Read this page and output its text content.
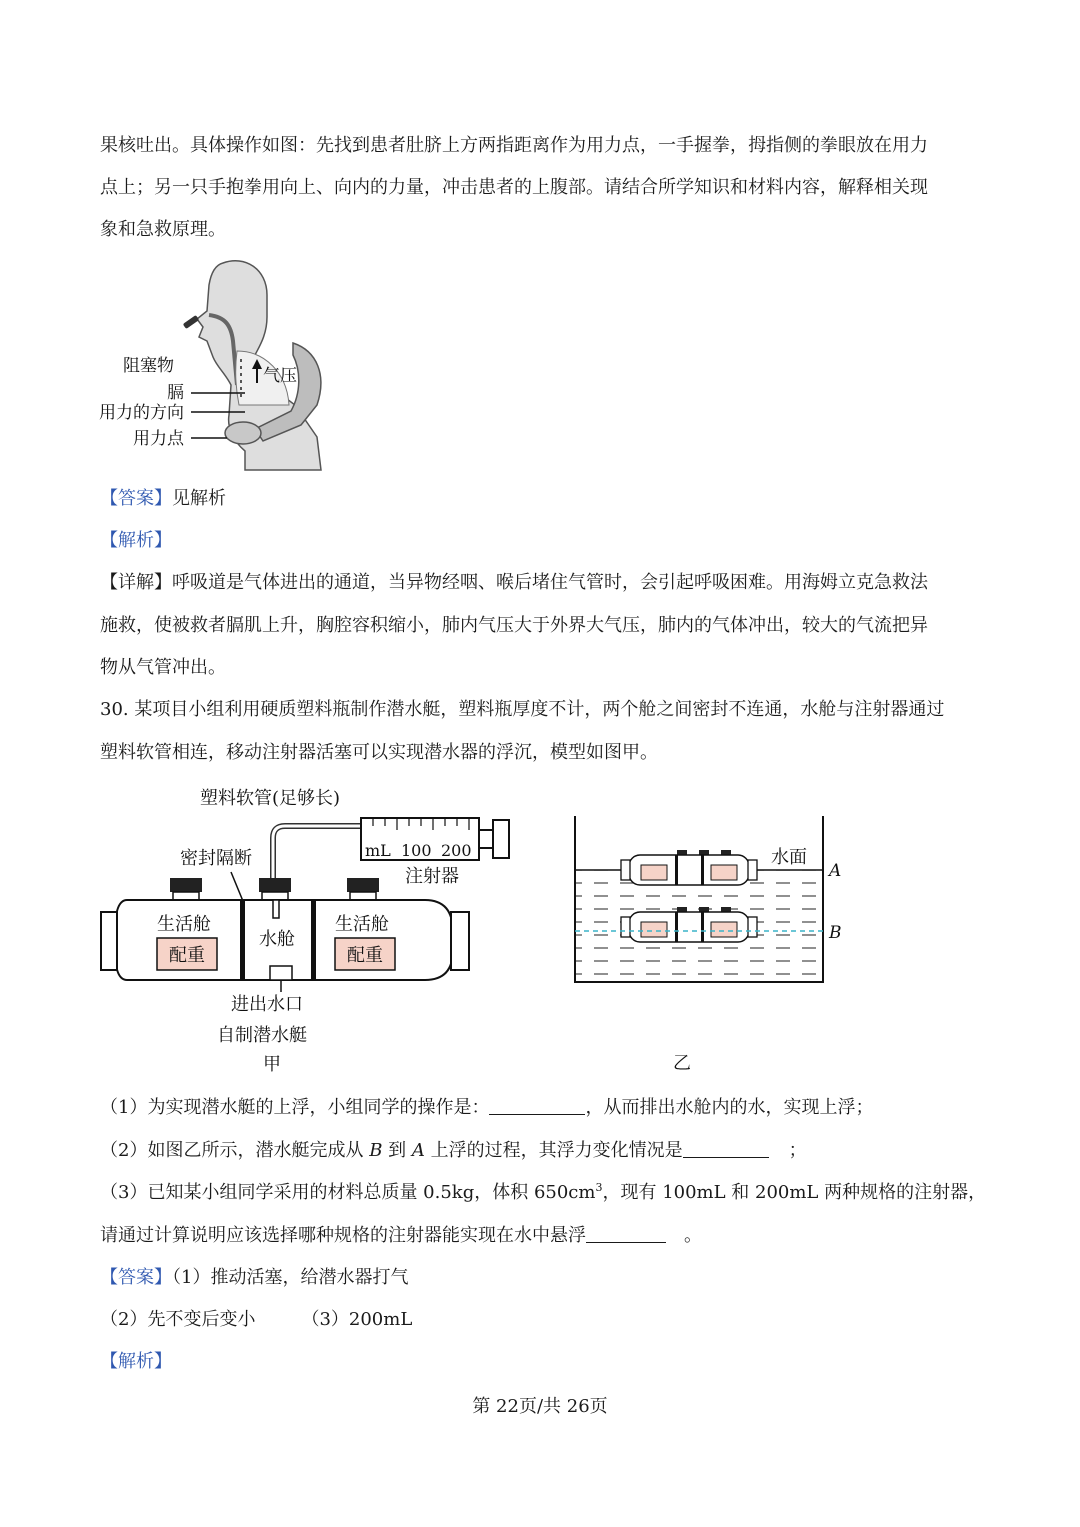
果核吐出。具体操作如图：先找到患者肚脐上方两指距离作为用力点，一手握拳，拇指侧的拳眼放在用力
点上；另一只手抱拳用向上、向内的力量，冲击患者的上腹部。请结合所学知识和材料内容，解释相关现
象和急救原理。
气压
阻塞物
膈
用力的方向
用力点
【答案】见解析
【解析】
【详解】呼吸道是气体进出的通道，当异物经咽、喉后堵住气管时，会引起呼吸困难。用海姆立克急救法
施救，使被救者膈肌上升，胸腔容积缩小，肺内气压大于外界大气压，肺内的气体冲出，较大的气流把异
物从气管冲出。
30. 某项目小组利用硬质塑料瓶制作潜水艇，塑料瓶厚度不计，两个舱之间密封不连通，水舱与注射器通过
塑料软管相连，移动注射器活塞可以实现潜水器的浮沉，模型如图甲。
塑料软管(足够长)
mL 100 200
注射器
密封隔断
生活舱
水舱
生活舱
配重	配重
进出水口
自制潜水艇
甲
水面
A
B
乙
（1）为实现潜水艇的上浮，小组同学的操作是：	，从而排出水舱内的水，实现上浮；
（2）如图乙所示，潜水艇完成从 B 到 A 上浮的过程，其浮力变化情况是	；
（3）已知某小组同学采用的材料总质量 0.5kg，体积 $650cm^3$，现有 100mL 和 200mL 两种规格的注射器，
请通过计算说明应该选择哪种规格的注射器能实现在水中悬浮	。
【答案】（1）推动活塞，给潜水器打气
（2）先不变后变小	（3）200mL
【解析】
第 22页/共 26页
